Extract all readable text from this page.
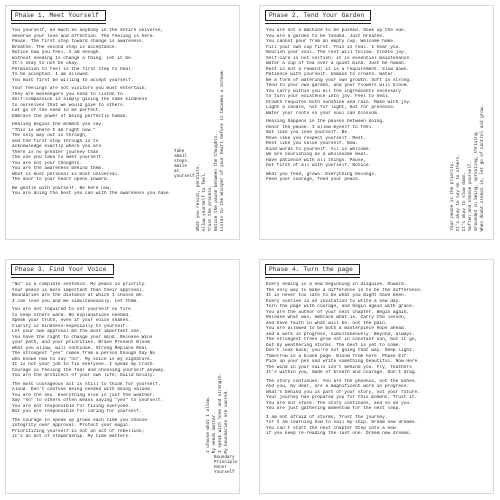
Phase 1. Meet Yourself
You yourself, as much as anybody in the entire universe,
deserve your love and affection. The feeling is here.
Pause. The first step toward change is awareness.
Breathe. The second step is acceptance.
Notice how you feel. I am enough.
Without needing to change a thing. Let it be.
It's okay to not be okay.
Permission to feel is the first step to heal.
To be accepted. I am allowed.
You must first be willing to accept yourself.
Your feelings are not visitors you must entertain;
they are messengers you need to listen to.
Self-compassion is simply giving the same kindness
to ourselves that we would give to others.
Let go of the need to be perfect.
Embrace the power of being perfectly human.
Healing begins the moment you say,
"This is where I am right now."
The only way out is through,
and the first step through is to
acknowledge exactly where you are.
There is no greater journey than
the one you take to meet yourself.
You are not your thoughts.
You are the awareness behind them.
What is most personal is most universal.
The door to your heart opens inward.
Be gentle with yourself. Be here now.
You are doing the best you can with the awareness you have.
Take
small
steps.
Smile
at
yourself.
What you resist, persists. Allow yourself to feel. Trust the process. Notice the pause between the thoughts. Listen to the whisper of your heart before it becomes a scream.
Phase 2. Tend Your Garden
You are not a machine to be pushed. Soak up the sun.
You are a garden to be tended. Just breathe.
You cannot pour from an empty cup. Welcome home.
Fill your own cup first. This is real. I hear you.
Nourish your soul. The rest will follow. Create joy.
Self-care is not selfish; it is essential maintenance.
Water a cup of tea over a quiet mind. Just be human.
Rest is not a reward; it is a requirement. Slow down.
Patience with yourself. Unmask to create. Water.
Be a form of watering your own growth. Soft is strong.
Tend to your own garden, and your flowers will bloom.
You carry within you all the ingredients necessary
to turn your existence into joy. Feel to heal.
Growth requires both sunshine and rain. Make with joy.
Light a candle, not for light, but for presence.
Water your roots so your soul can blossom.
Healing happens in the pauses between doing.
Honor the pause. I allow myself to feel.
Not like you love yourself. Be.
Move like you respect yourself. Rest.
Rest like you value yourself. Now.
Kind words to yourself. All is welcome.
We are nourishing as a wholesome meal.
Have patience with all things. Pause,
but first of all with yourself. Notice.
What you feed, grows. Everything belongs.
Feed your courage, feed your peace.	Your peace is the priority. It's okay to say no to others. It's okay to slow down. Soften and choose yourself. Grounded in being, sprouting, thriving. When doubt creeps in, let go of control and grow.
Phase 3. Find Your Voice
"No" is a complete sentence. My peace is priority.
Your peace is more important than their approval.
Boundaries are the distance at which I choose me.
I can love you and me simultaneously. Let them.
You are not required to set yourself on fire
to keep others warm. No explanations needed.
Speak your truth, even if your voice shakes.
Clarity is kindness-especially to yourself.
Let your own approval be the most important one.
You have the right to change your mind. Release Wins
your path, and your priorities. Brave Present Bloom
What you allow, will continue. Strong Replace Real
The strongest "yes" comes from a person Enough Say No
who knows how to say "no". My voice is my signature.
It is not your job to fix everyone. I speak my truth.
Courage is feeling the fear and choosing yourself anyway.
You are the architect of your own life; build boldly.
The most courageous act is still to think for yourself.
Aloud. Don't confuse being needed with being valued.
You are the sky. Everything else is just the weather.
Say "no" to others often means saying "yes" to yourself.
You are not responsible for fixing everyone.
But you are responsible for caring for yourself.
The courage to speak up grows each time you choose
integrity over approval. Protect your magic.
Prioritizing yourself is not an act of rebellion;
it's an act of stewardship. My time matters.
Boundary
Principle
Honor
Yourself
I choose what I allow. My needs matter. I speak with love and strength. My boundaries are sacred.
Phase 4. Turn the page
Every ending is a new beginning in disguise. Onward.
The only way to make a difference is to be the difference.
It is never too late to be what you might have been.
Every sunrise is an invitation to write a new day.
Turn the page with courage, and begin again with grace.
You are the author of your next chapter. Begin again.
Release what was, embrace what is. Carry the lesson,
and have faith in what will be. not the pain.
You are allowed to be both a masterpiece Hope ahead.
and a work in progress, simultaneously. Beyond, always.
The strongest trees grow not in constant sun, but it go,
but by weathering storms. The best is yet to come.
Don't look back; you're not going that way. Deep light.
Tomorrow is a blank page. Bloom from here. Phase Elf.
Pick up your pen and write something beautiful. Now Here.
The wind in your sails isn't behind you. Fly, feathers
It's within you, made of breath and courage. Don't drag.
The story continues. You are the phoenix, not the ashes.
And you, my dear, are a magnificent work in progress.
What's behind you is part of your story, not your future.
Your journey has prepared you for this moment. Trust it.
You are not stuck. The story continues, and so do you.
You are just gathering momentum for the next leap.
I am not afraid of storms, Trust the journey.
for I am learning how to sail my ship. Dream new dreams.
You can't start the next chapter Step into a new
if you keep re-reading the last one. Dream new dreams.
